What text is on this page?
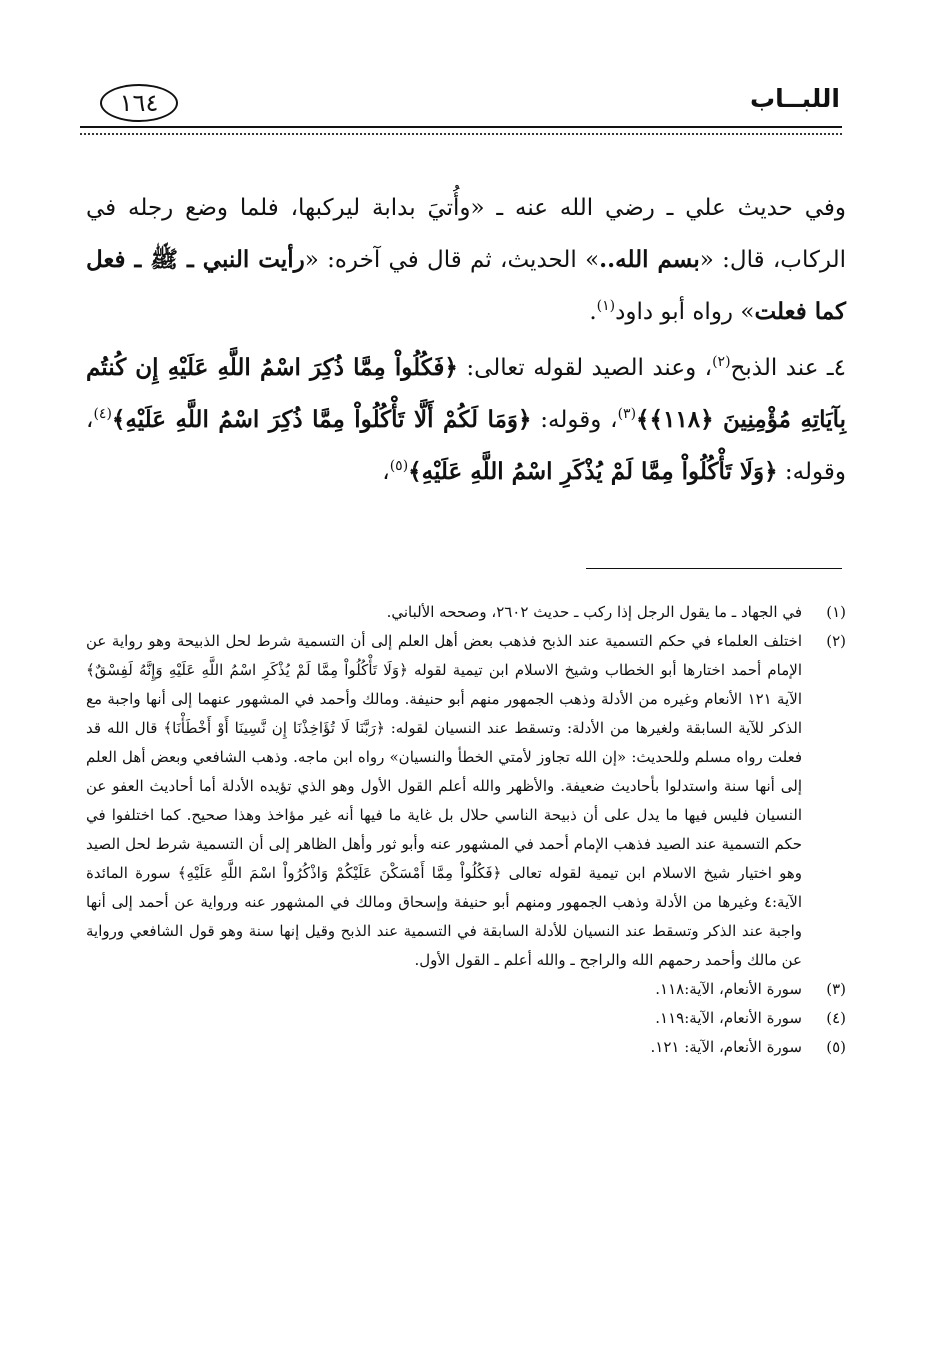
اللبــاب
١٦٤

وفي حديث علي ـ رضي الله عنه ـ «وأُتيَ بدابة ليركبها، فلما وضع رجله في الركاب، قال: «بسم الله..» الحديث، ثم قال في آخره: «رأيت النبي ـ ﷺ ـ فعل كما فعلت» رواه أبو داود$^{(١)}$.

٤ـ عند الذبح$^{(٢)}$، وعند الصيد لقوله تعالى: ﴿فَكُلُواْ مِمَّا ذُكِرَ اسْمُ اللَّهِ عَلَيْهِ إِن كُنتُم بِآيَاتِهِ مُؤْمِنِينَ ﴿١١٨﴾﴾$^{(٣)}$، وقوله: ﴿وَمَا لَكُمْ أَلَّا تَأْكُلُواْ مِمَّا ذُكِرَ اسْمُ اللَّهِ عَلَيْهِ﴾$^{(٤)}$، وقوله: ﴿وَلَا تَأْكُلُواْ مِمَّا لَمْ يُذْكَرِ اسْمُ اللَّهِ عَلَيْهِ﴾$^{(٥)}$،

(١)

في الجهاد ـ ما يقول الرجل إذا ركب ـ حديث ٢٦٠٢، وصححه الألباني.

(٢)

اختلف العلماء في حكم التسمية عند الذبح فذهب بعض أهل العلم إلى أن التسمية شرط لحل الذبيحة وهو رواية عن الإمام أحمد اختارها أبو الخطاب وشيخ الاسلام ابن تيمية لقوله ﴿وَلَا تَأْكُلُواْ مِمَّا لَمْ يُذْكَرِ اسْمُ اللَّهِ عَلَيْهِ وَإِنَّهُ لَفِسْقٌ﴾ الآية ١٢١ الأنعام وغيره من الأدلة وذهب الجمهور منهم أبو حنيفة. ومالك وأحمد في المشهور عنهما إلى أنها واجبة مع الذكر للآية السابقة ولغيرها من الأدلة: وتسقط عند النسيان لقوله: ﴿رَبَّنَا لَا تُؤَاخِذْنَا إِن نَّسِينَا أَوْ أَخْطَأْنَا﴾ قال الله قد فعلت رواه مسلم وللحديث: «إن الله تجاوز لأمتي الخطأ والنسيان» رواه ابن ماجه. وذهب الشافعي وبعض أهل العلم إلى أنها سنة واستدلوا بأحاديث ضعيفة. والأظهر والله أعلم القول الأول وهو الذي تؤيده الأدلة أما أحاديث العفو عن النسيان فليس فيها ما يدل على أن ذبيحة الناسي حلال بل غاية ما فيها أنه غير مؤاخذ وهذا صحيح. كما اختلفوا في حكم التسمية عند الصيد فذهب الإمام أحمد في المشهور عنه وأبو ثور وأهل الظاهر إلى أن التسمية شرط لحل الصيد وهو اختيار شيخ الاسلام ابن تيمية لقوله تعالى ﴿فَكُلُواْ مِمَّا أَمْسَكْنَ عَلَيْكُمْ وَاذْكُرُواْ اسْمَ اللَّهِ عَلَيْهِ﴾ سورة المائدة الآية:٤ وغيرها من الأدلة وذهب الجمهور ومنهم أبو حنيفة وإسحاق ومالك في المشهور عنه ورواية عن أحمد إلى أنها واجبة عند الذكر وتسقط عند النسيان للأدلة السابقة في التسمية عند الذبح وقيل إنها سنة وهو قول الشافعي ورواية عن مالك وأحمد رحمهم الله والراجح ـ والله أعلم ـ القول الأول.

(٣)

سورة الأنعام، الآية:١١٨.

(٤)

سورة الأنعام، الآية:١١٩.

(٥)

سورة الأنعام، الآية: ١٢١.
